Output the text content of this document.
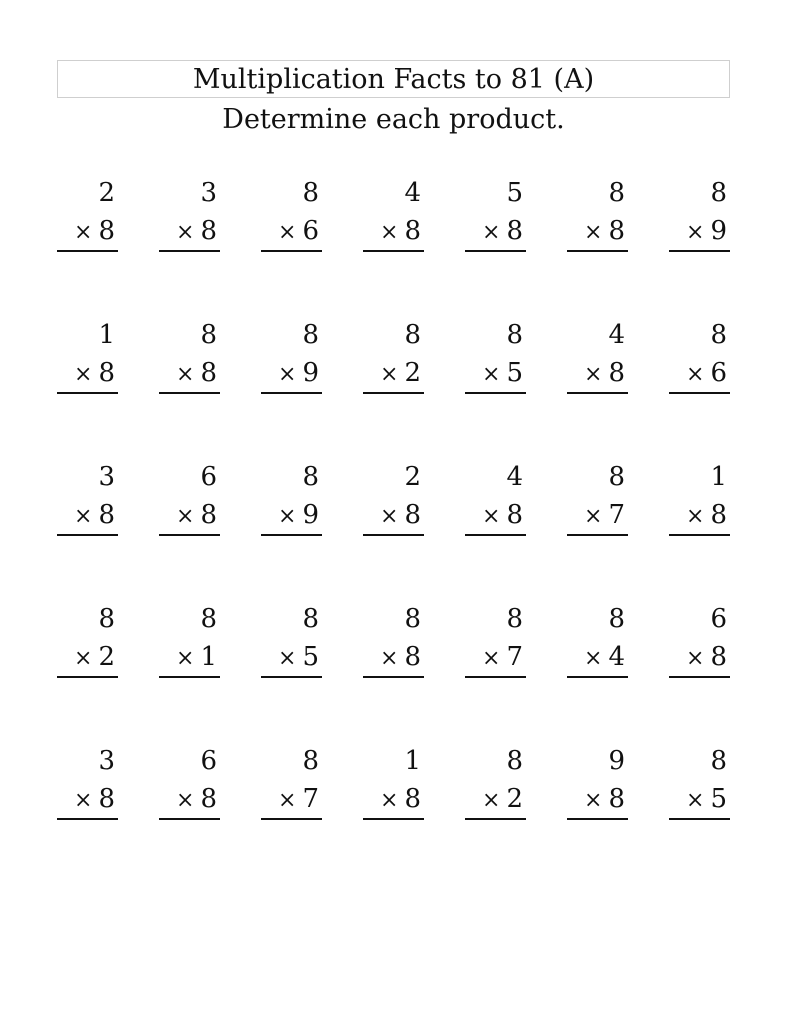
Multiplication Facts to 81 (A)
Determine each product.
2
× 8
3
× 8
8
× 6
4
× 8
5
× 8
8
× 8
8
× 9
1
× 8
8
× 8
8
× 9
8
× 2
8
× 5
4
× 8
8
× 6
3
× 8
6
× 8
8
× 9
2
× 8
4
× 8
8
× 7
1
× 8
8
× 2
8
× 1
8
× 5
8
× 8
8
× 7
8
× 4
6
× 8
3
× 8
6
× 8
8
× 7
1
× 8
8
× 2
9
× 8
8
× 5
